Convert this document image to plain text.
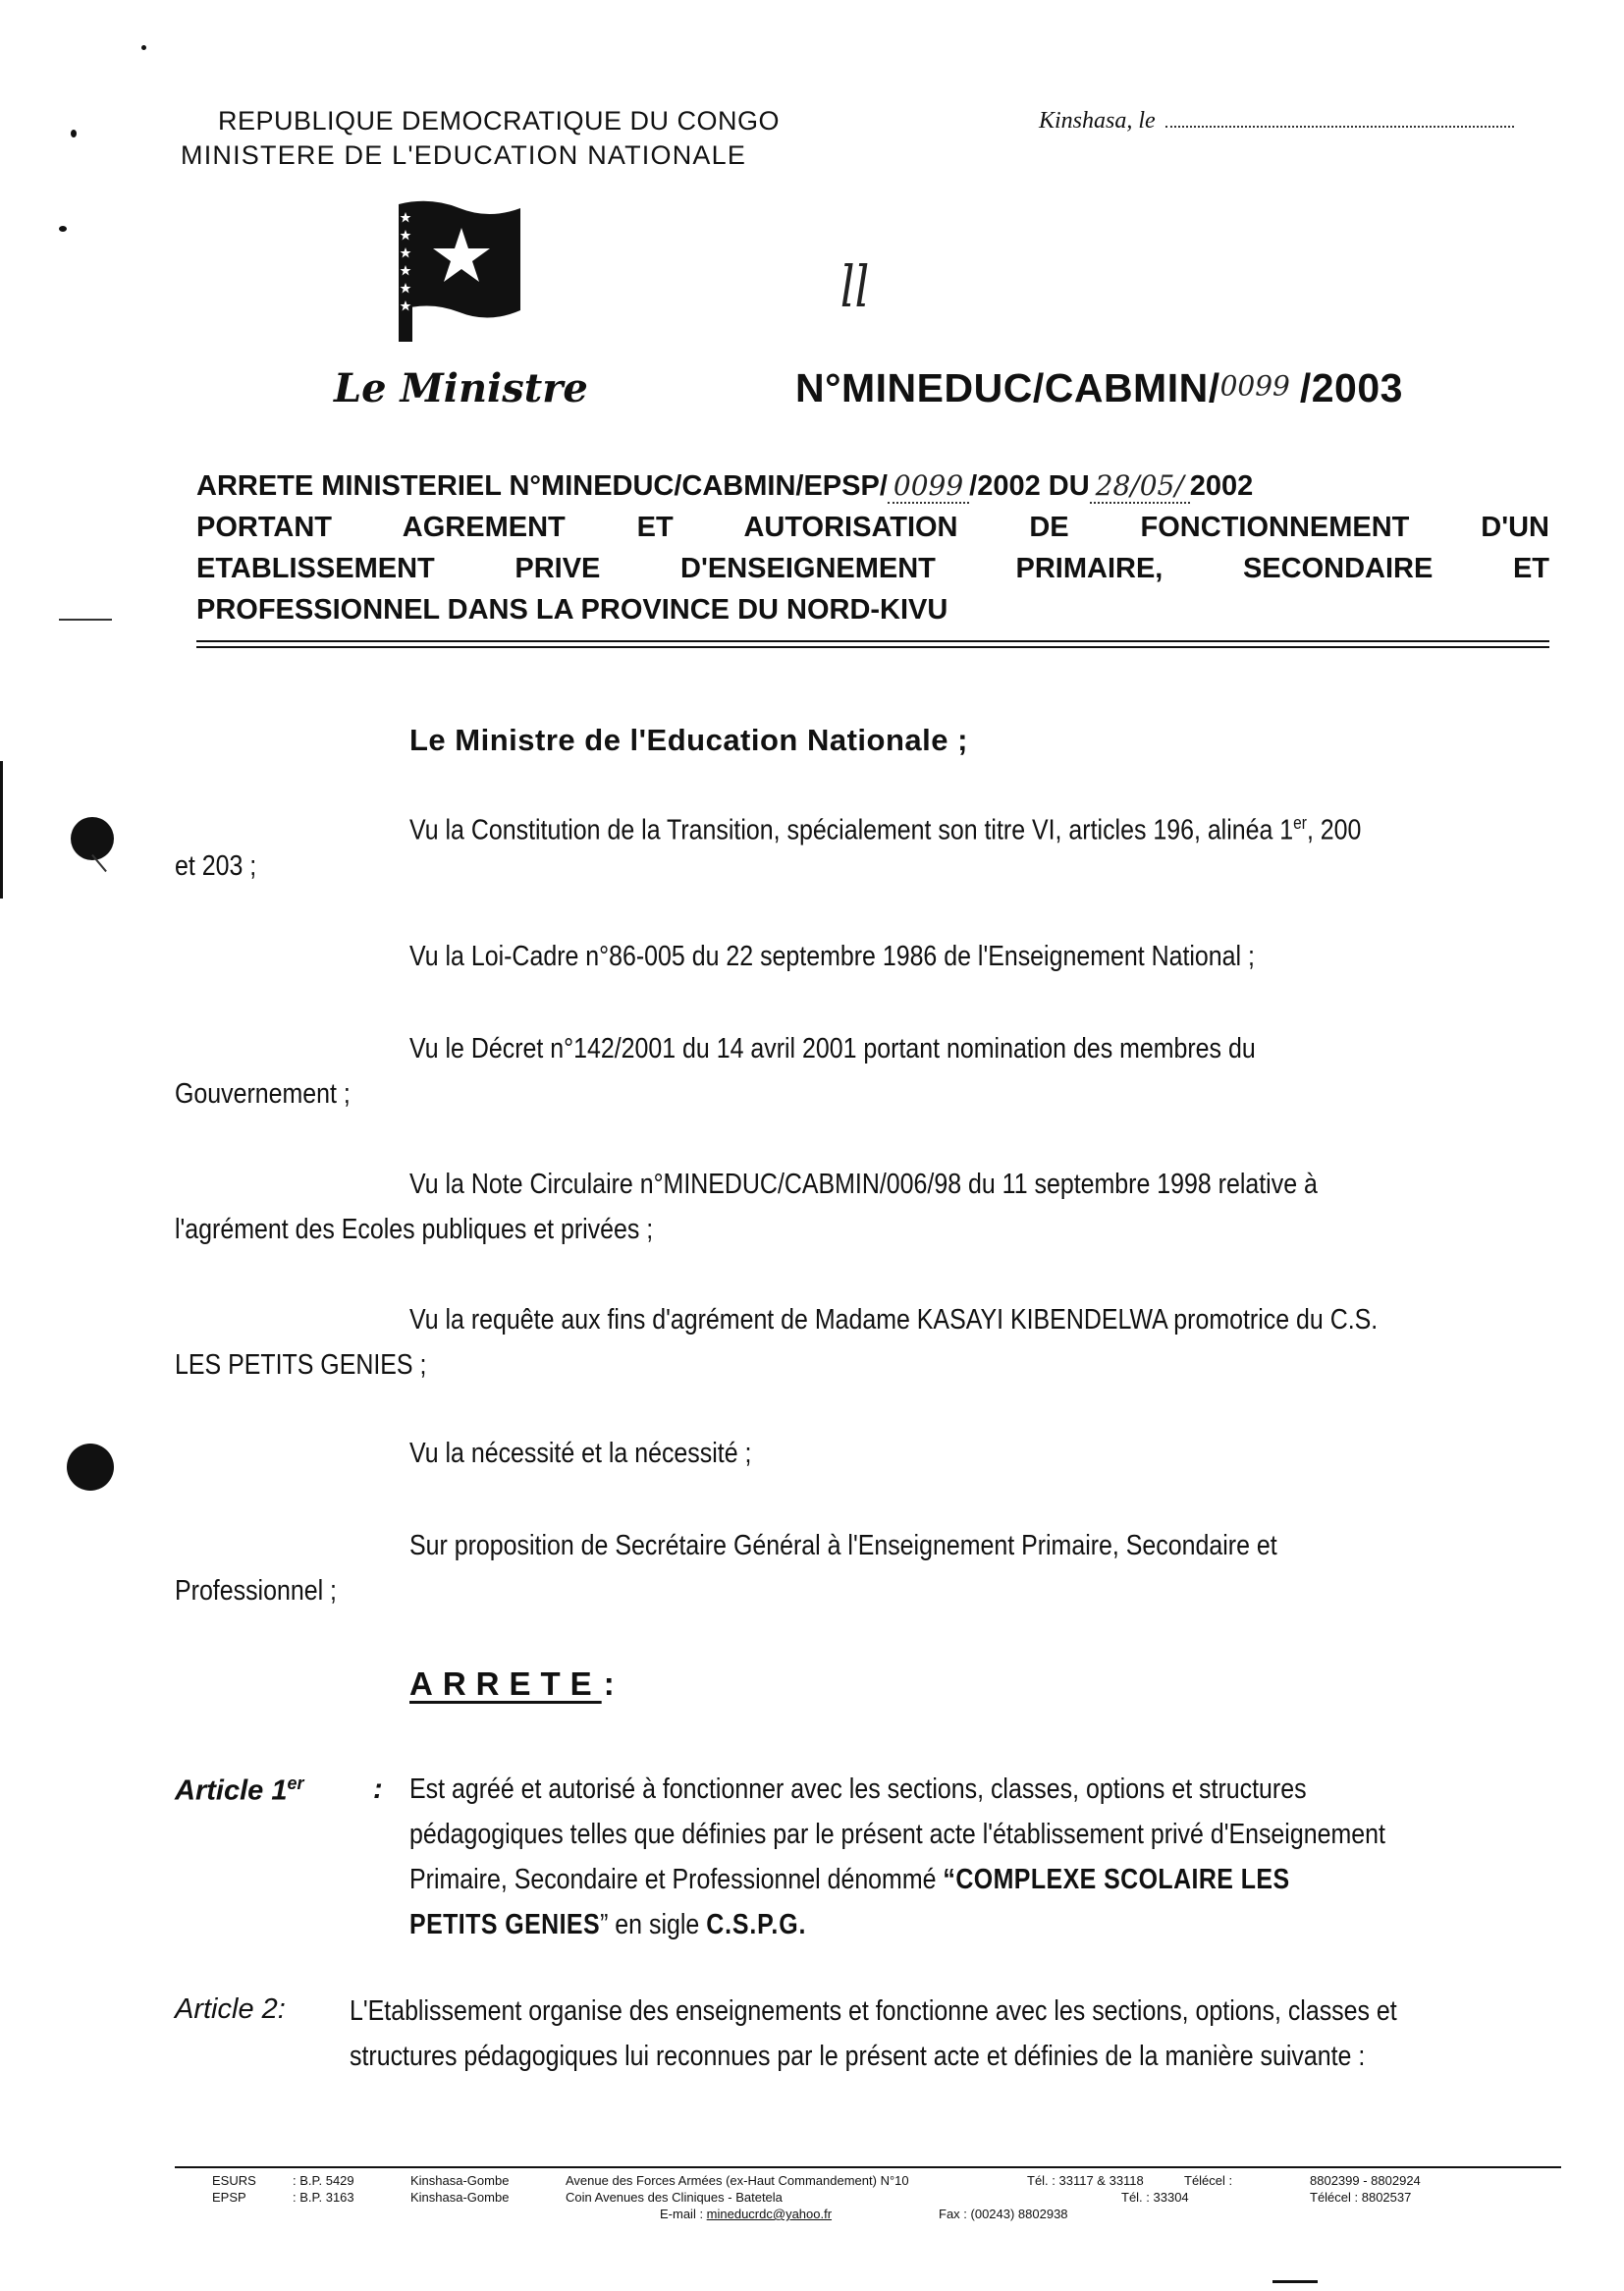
REPUBLIQUE DEMOCRATIQUE DU CONGO
MINISTERE DE L'EDUCATION NATIONALE
Kinshasa, le
ll
Le Ministre	N°MINEDUC/CABMIN/0099 /2003
ARRETE MINISTERIEL N°MINEDUC/CABMIN/EPSP/ 0099 /2002 DU 28/05/ 2002
PORTANT AGREMENT ET AUTORISATION DE FONCTIONNEMENT D'UN
ETABLISSEMENT PRIVE D'ENSEIGNEMENT PRIMAIRE, SECONDAIRE ET
PROFESSIONNEL DANS LA PROVINCE DU NORD-KIVU
Le Ministre de l'Education Nationale ;
Vu la Constitution de la Transition, spécialement son titre VI, articles 196, alinéa 1er, 200
et 203 ;
Vu la Loi-Cadre n°86-005 du 22 septembre 1986 de l'Enseignement National ;
Vu le Décret n°142/2001 du 14 avril 2001 portant nomination des membres du
Gouvernement ;
Vu la Note Circulaire n°MINEDUC/CABMIN/006/98 du 11 septembre 1998 relative à
l'agrément des Ecoles publiques et privées ;
Vu la requête aux fins d'agrément de Madame KASAYI KIBENDELWA promotrice du C.S.
LES PETITS GENIES ;
Vu la nécessité et la nécessité ;
Sur proposition de Secrétaire Général à l'Enseignement Primaire, Secondaire et
Professionnel ;
ARRETE:
Article 1er : Est agréé et autorisé à fonctionner avec les sections, classes, options et structures
pédagogiques telles que définies par le présent acte l'établissement privé d'Enseignement
Primaire, Secondaire et Professionnel dénommé “COMPLEXE SCOLAIRE LES
PETITS GENIES” en sigle C.S.P.G.
Article 2: L'Etablissement organise des enseignements et fonctionne avec les sections, options, classes et
structures pédagogiques lui reconnues par le présent acte et définies de la manière suivante :
ESURS	: B.P. 5429	Kinshasa-Gombe	Avenue des Forces Armées (ex-Haut Commandement) N°10	Tél. : 33117 & 33118	Télécel :	8802399 - 8802924
EPSP	: B.P. 3163	Kinshasa-Gombe	Coin Avenues des Cliniques - Batetela	Tél. : 33304	Télécel : 8802537
E-mail : mineducrdc@yahoo.fr	Fax : (00243) 8802938
